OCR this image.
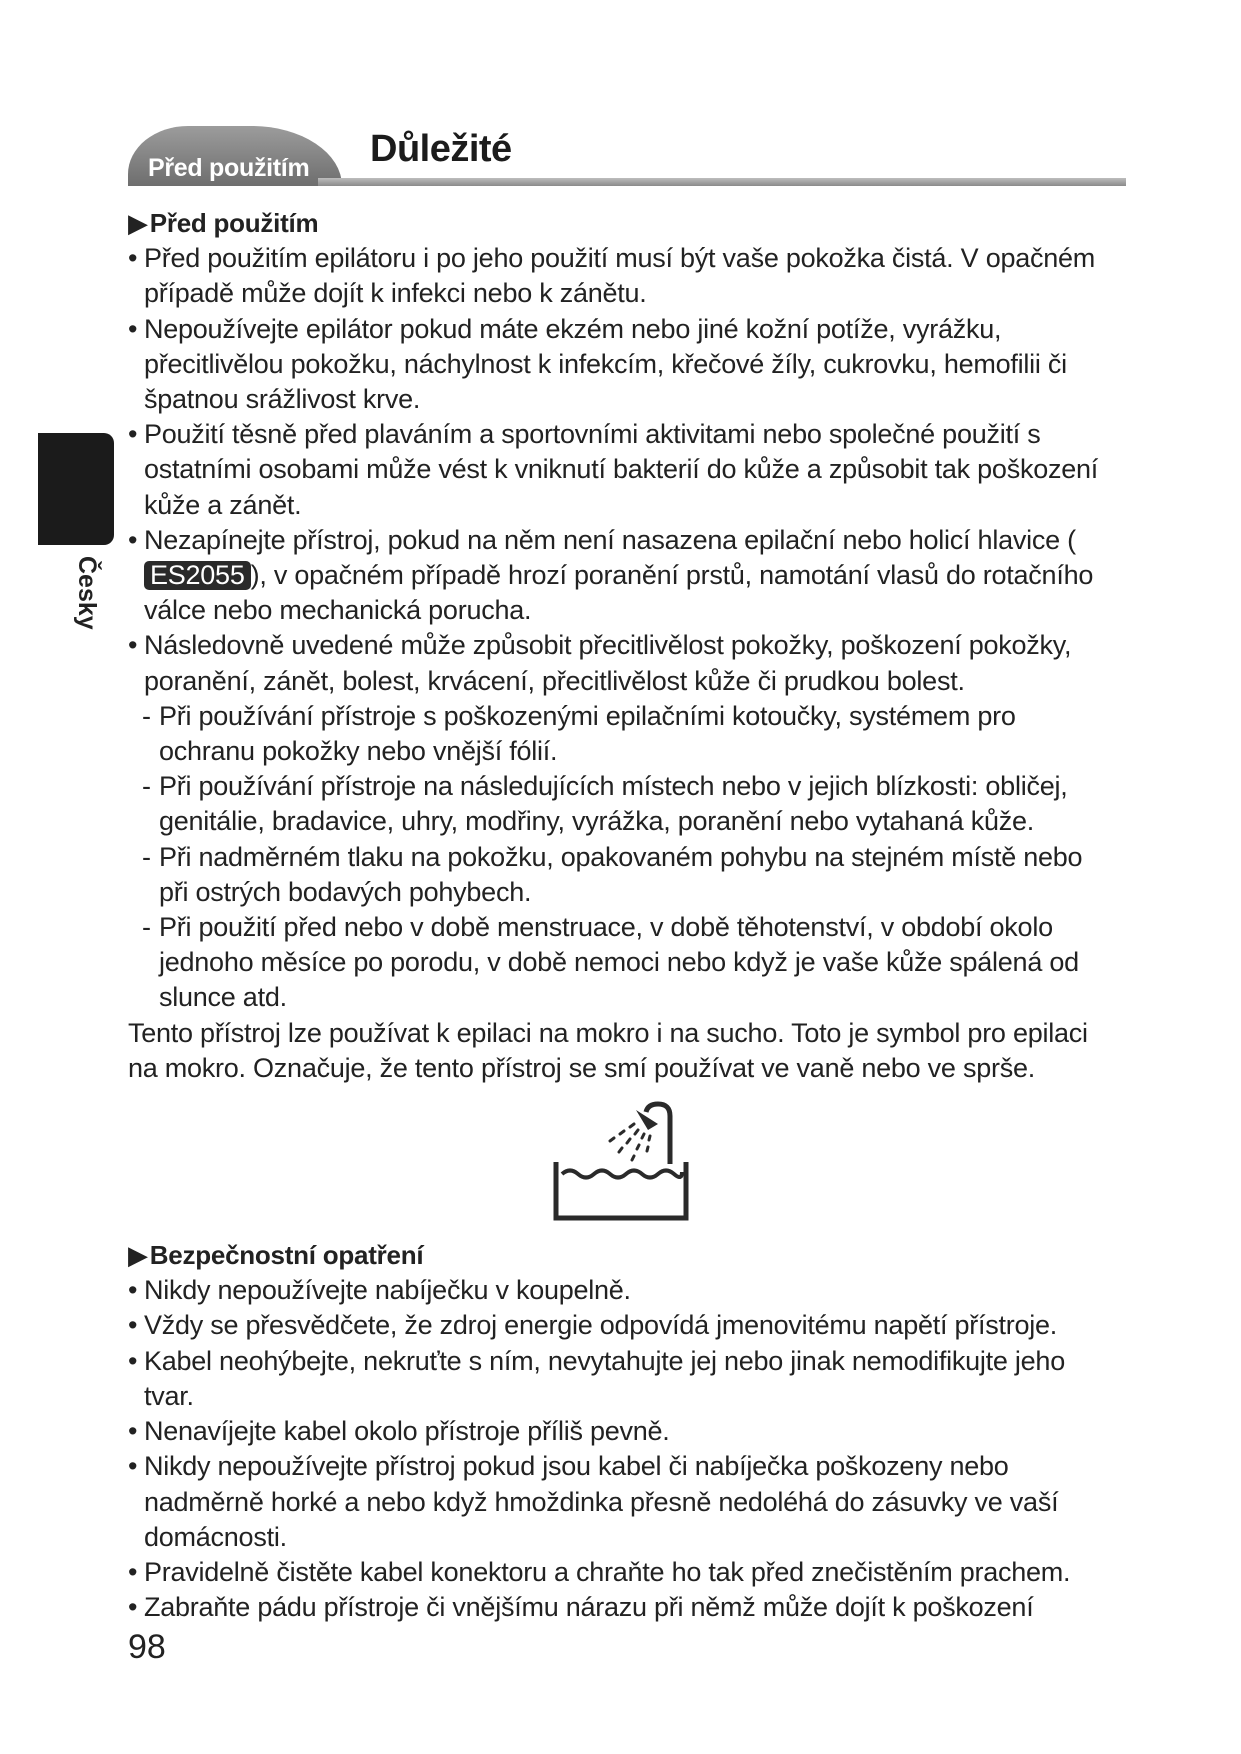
Před použitím Důležité
Česky
▶Před použitím
• Před použitím epilátoru i po jeho použití musí být vaše pokožka čistá. V opačném případě může dojít k infekci nebo k zánětu.
• Nepoužívejte epilátor pokud máte ekzém nebo jiné kožní potíže, vyrážku, přecitlivělou pokožku, náchylnost k infekcím, křečové žíly, cukrovku, hemofilii či špatnou srážlivost krve.
• Použití těsně před plaváním a sportovními aktivitami nebo společné použití s ostatními osobami může vést k vniknutí bakterií do kůže a způsobit tak poškození kůže a zánět.
• Nezapínejte přístroj, pokud na něm není nasazena epilační nebo holicí hlavice (ES2055 ), v opačném případě hrozí poranění prstů, namotání vlasů do rotačního válce nebo mechanická porucha.
• Následovně uvedené může způsobit přecitlivělost pokožky, poškození pokožky, poranění, zánět, bolest, krvácení, přecitlivělost kůže či prudkou bolest.
- Při používání přístroje s poškozenými epilačními kotoučky, systémem pro ochranu pokožky nebo vnější fólií.
- Při používání přístroje na následujících místech nebo v jejich blízkosti: obličej, genitálie, bradavice, uhry, modřiny, vyrážka, poranění nebo vytahaná kůže.
- Při nadměrném tlaku na pokožku, opakovaném pohybu na stejném místě nebo při ostrých bodavých pohybech.
- Při použití před nebo v době menstruace, v době těhotenství, v období okolo jednoho měsíce po porodu, v době nemoci nebo když je vaše kůže spálená od slunce atd.
Tento přístroj lze používat k epilaci na mokro i na sucho. Toto je symbol pro epilaci na mokro. Označuje, že tento přístroj se smí používat ve vaně nebo ve sprše.
▶Bezpečnostní opatření
• Nikdy nepoužívejte nabíječku v koupelně.
• Vždy se přesvědčete, že zdroj energie odpovídá jmenovitému napětí přístroje.
• Kabel neohýbejte, nekruťte s ním, nevytahujte jej nebo jinak nemodifikujte jeho tvar.
• Nenavíjejte kabel okolo přístroje příliš pevně.
• Nikdy nepoužívejte přístroj pokud jsou kabel či nabíječka poškozeny nebo nadměrně horké a nebo když hmoždinka přesně nedoléhá do zásuvky ve vaší domácnosti.
• Pravidelně čistěte kabel konektoru a chraňte ho tak před znečistěním prachem.
• Zabraňte pádu přístroje či vnějšímu nárazu při němž může dojít k poškození
98
